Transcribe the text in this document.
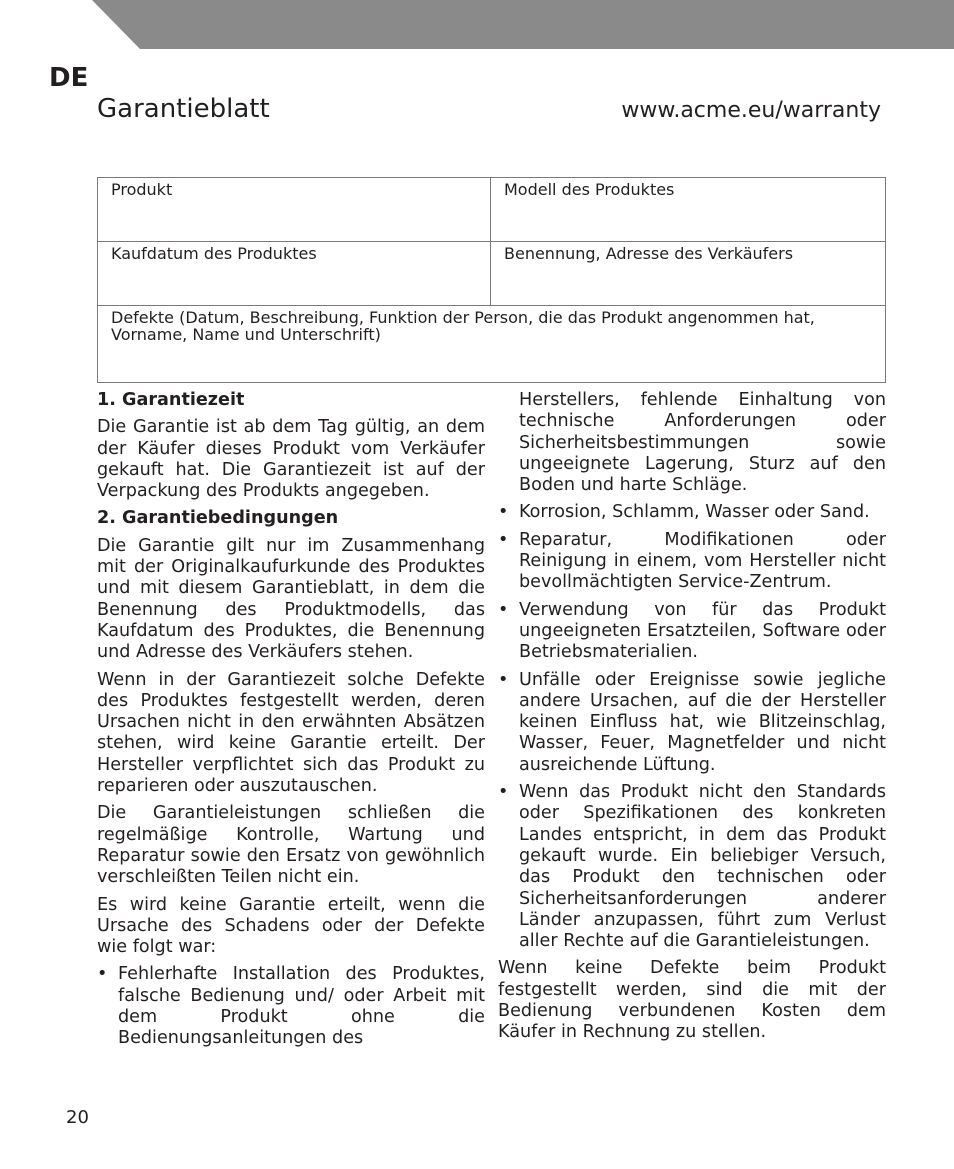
DE
Garantieblatt	www.acme.eu/warranty
Produkt	Modell des Produktes
Kaufdatum des Produktes	Benennung, Adresse des Verkäufers
Defekte (Datum, Beschreibung, Funktion der Person, die das Produkt angenommen hat, Vorname, Name und Unterschrift)
1. Garantiezeit

Die Garantie ist ab dem Tag gültig, an dem der Käufer dieses Produkt vom Verkäufer gekauft hat. Die Garantiezeit ist auf der Verpackung des Produkts angegeben.

2. Garantiebedingungen

Die Garantie gilt nur im Zusammenhang mit der Originalkaufurkunde des Produktes und mit diesem Garantieblatt, in dem die Benennung des Produktmodells, das Kaufdatum des Produktes, die Benennung und Adresse des Verkäufers stehen.

Wenn in der Garantiezeit solche Defekte des Produktes festgestellt werden, deren Ursachen nicht in den erwähnten Absätzen stehen, wird keine Garantie erteilt. Der Hersteller verpflichtet sich das Produkt zu reparieren oder auszutauschen.

Die Garantieleistungen schließen die regelmäßige Kontrolle, Wartung und Reparatur sowie den Ersatz von gewöhnlich verschleißten Teilen nicht ein.

Es wird keine Garantie erteilt, wenn die Ursache des Schadens oder der Defekte wie folgt war:

• Fehlerhafte Installation des Produktes, falsche Bedienung und/ oder Arbeit mit dem Produkt ohne die Bedienungsanleitungen des
Herstellers, fehlende Einhaltung von technische Anforderungen oder Sicherheitsbestimmungen sowie ungeeignete Lagerung, Sturz auf den Boden und harte Schläge.
• Korrosion, Schlamm, Wasser oder Sand.
• Reparatur, Modifikationen oder Reinigung in einem, vom Hersteller nicht bevollmächtigten Service-Zentrum.
• Verwendung von für das Produkt ungeeigneten Ersatzteilen, Software oder Betriebsmaterialien.
• Unfälle oder Ereignisse sowie jegliche andere Ursachen, auf die der Hersteller keinen Einfluss hat, wie Blitzeinschlag, Wasser, Feuer, Magnetfelder und nicht ausreichende Lüftung.
• Wenn das Produkt nicht den Standards oder Spezifikationen des konkreten Landes entspricht, in dem das Produkt gekauft wurde. Ein beliebiger Versuch, das Produkt den technischen oder Sicherheitsanforderungen anderer Länder anzupassen, führt zum Verlust aller Rechte auf die Garantieleistungen.

Wenn keine Defekte beim Produkt festgestellt werden, sind die mit der Bedienung verbundenen Kosten dem Käufer in Rechnung zu stellen.

20
